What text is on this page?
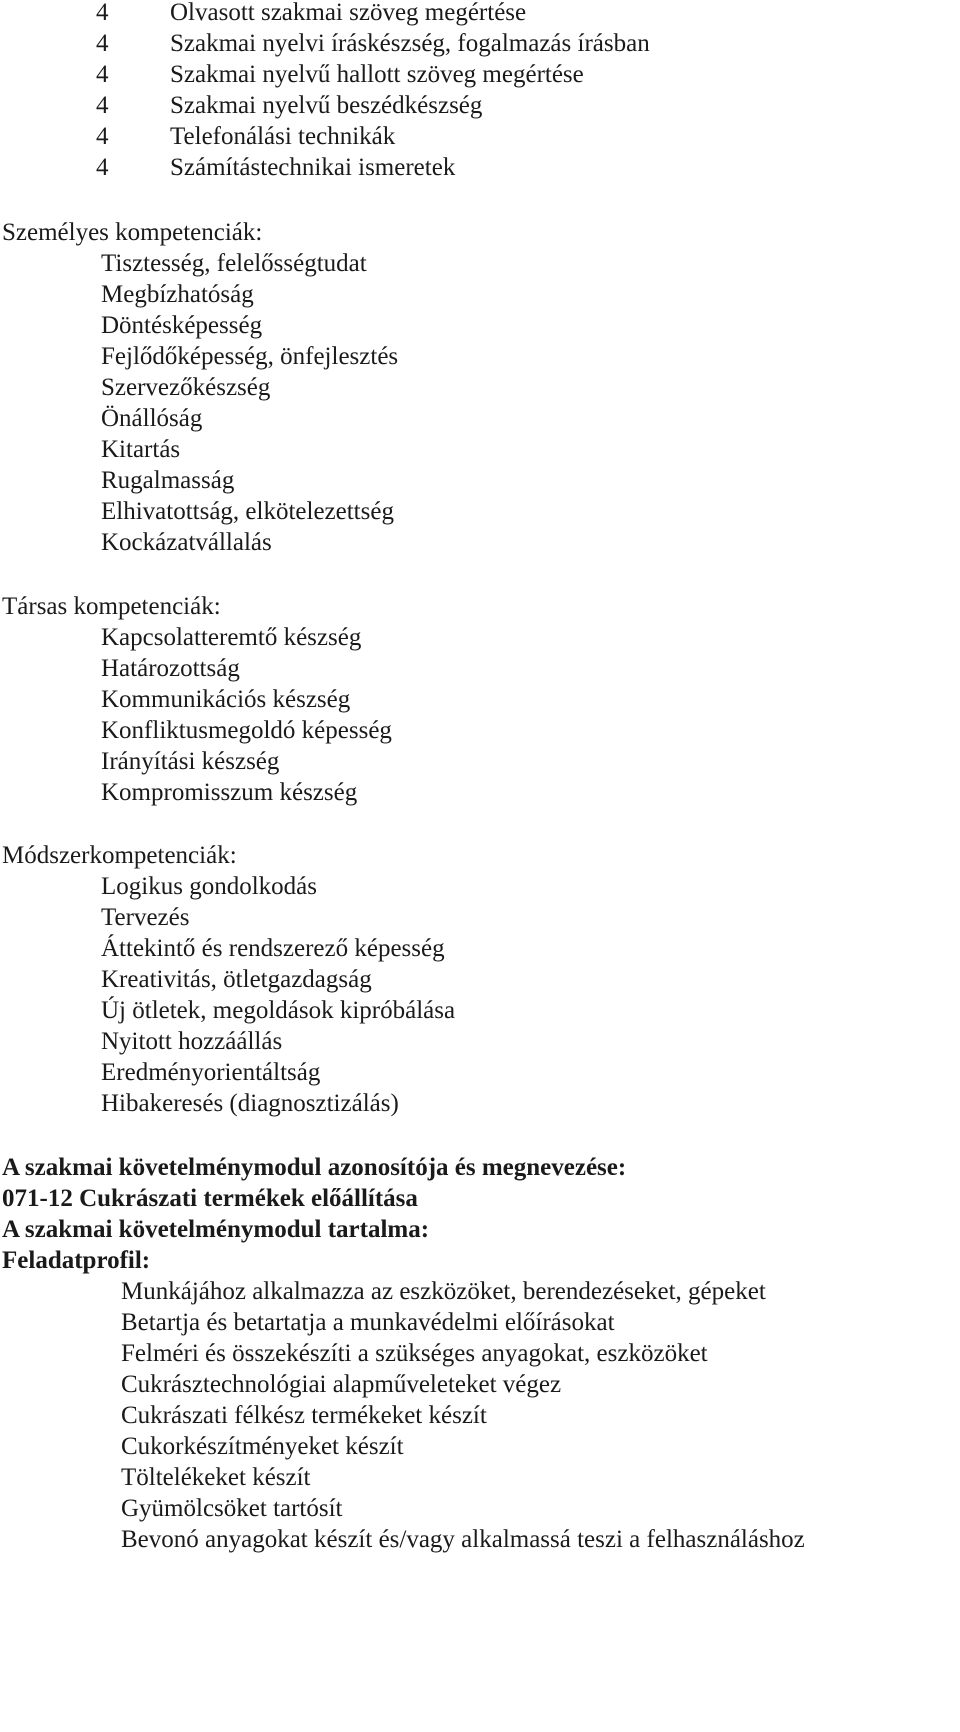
4 Olvasott szakmai szöveg megértése
4 Szakmai nyelvi íráskészség, fogalmazás írásban
4 Szakmai nyelvű hallott szöveg megértése
4 Szakmai nyelvű beszédkészség
4 Telefonálási technikák
4 Számítástechnikai ismeretek
Személyes kompetenciák:
Tisztesség, felelősségtudat
Megbízhatóság
Döntésképesség
Fejlődőképesség, önfejlesztés
Szervezőkészség
Önállóság
Kitartás
Rugalmasság
Elhivatottság, elkötelezettség
Kockázatvállalás
Társas kompetenciák:
Kapcsolatteremtő készség
Határozottság
Kommunikációs készség
Konfliktusmegoldó képesség
Irányítási készség
Kompromisszum készség
Módszerkompetenciák:
Logikus gondolkodás
Tervezés
Áttekintő és rendszerező képesség
Kreativitás, ötletgazdagság
Új ötletek, megoldások kipróbálása
Nyitott hozzáállás
Eredményorientáltság
Hibakeresés (diagnosztizálás)
A szakmai követelménymodul azonosítója és megnevezése:
071-12 Cukrászati termékek előállítása
A szakmai követelménymodul tartalma:
Feladatprofil:
Munkájához alkalmazza az eszközöket, berendezéseket, gépeket
Betartja és betartatja a munkavédelmi előírásokat
Felméri és összekészíti a szükséges anyagokat, eszközöket
Cukrásztechnológiai alapműveleteket végez
Cukrászati félkész termékeket készít
Cukorkészítményeket készít
Töltelékeket készít
Gyümölcsöket tartósít
Bevonó anyagokat készít és/vagy alkalmassá teszi a felhasználáshoz
